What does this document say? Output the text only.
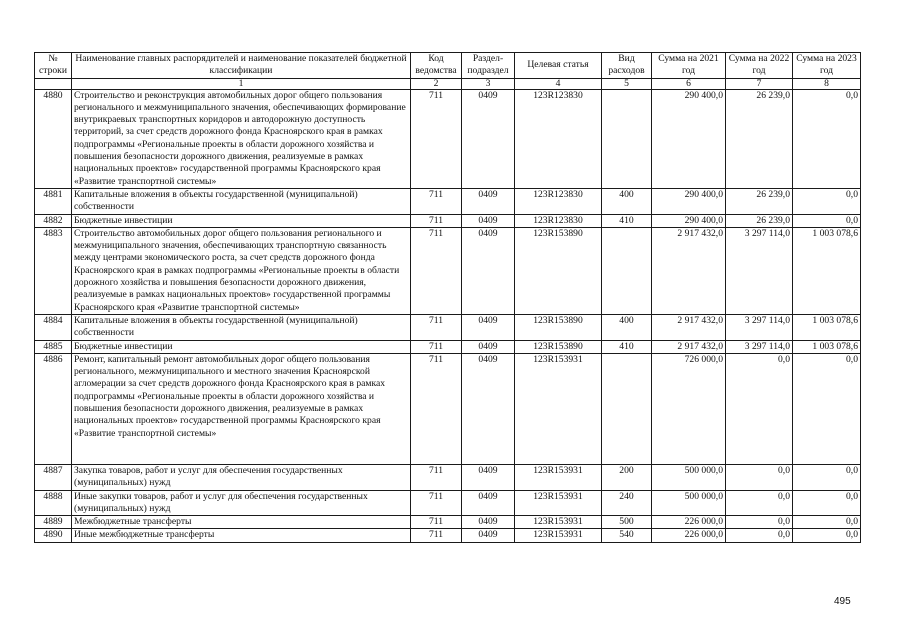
№ строки	Наименование главных распорядителей и наименование показателей бюджетной классификации	Код ведомства	Раздел-подраздел	Целевая статья	Вид расходов	Сумма на 2021 год	Сумма на 2022 год	Сумма на 2023 год
	1	2	3	4	5	6	7	8
4880	Строительство и реконструкция автомобильных дорог общего пользования регионального и межмуниципального значения, обеспечивающих формирование внутрикраевых транспортных коридоров и автодорожную доступность территорий, за счет средств дорожного фонда Красноярского края в рамках подпрограммы «Региональные проекты в области дорожного хозяйства и повышения безопасности дорожного движения, реализуемые в рамках национальных проектов» государственной программы Красноярского края «Развитие транспортной системы»	711	0409	123R123830		290 400,0	26 239,0	0,0
4881	Капитальные вложения в объекты государственной (муниципальной) собственности	711	0409	123R123830	400	290 400,0	26 239,0	0,0
4882	Бюджетные инвестиции	711	0409	123R123830	410	290 400,0	26 239,0	0,0
4883	Строительство автомобильных дорог общего пользования регионального и межмуниципального значения, обеспечивающих транспортную связанность между центрами экономического роста, за счет средств дорожного фонда Красноярского края в рамках подпрограммы «Региональные проекты в области дорожного хозяйства и повышения безопасности дорожного движения, реализуемые в рамках национальных проектов» государственной программы Красноярского края «Развитие транспортной системы»	711	0409	123R153890		2 917 432,0	3 297 114,0	1 003 078,6
4884	Капитальные вложения в объекты государственной (муниципальной) собственности	711	0409	123R153890	400	2 917 432,0	3 297 114,0	1 003 078,6
4885	Бюджетные инвестиции	711	0409	123R153890	410	2 917 432,0	3 297 114,0	1 003 078,6
4886	Ремонт, капитальный ремонт автомобильных дорог общего пользования регионального, межмуниципального и местного значения Красноярской агломерации за счет средств дорожного фонда Красноярского края в рамках подпрограммы «Региональные проекты в области дорожного хозяйства и повышения безопасности дорожного движения, реализуемые в рамках национальных проектов» государственной программы Красноярского края «Развитие транспортной системы»	711	0409	123R153931		726 000,0	0,0	0,0
4887	Закупка товаров, работ и услуг для обеспечения государственных (муниципальных) нужд	711	0409	123R153931	200	500 000,0	0,0	0,0
4888	Иные закупки товаров, работ и услуг для обеспечения государственных (муниципальных) нужд	711	0409	123R153931	240	500 000,0	0,0	0,0
4889	Межбюджетные трансферты	711	0409	123R153931	500	226 000,0	0,0	0,0
4890	Иные межбюджетные трансферты	711	0409	123R153931	540	226 000,0	0,0	0,0
495
